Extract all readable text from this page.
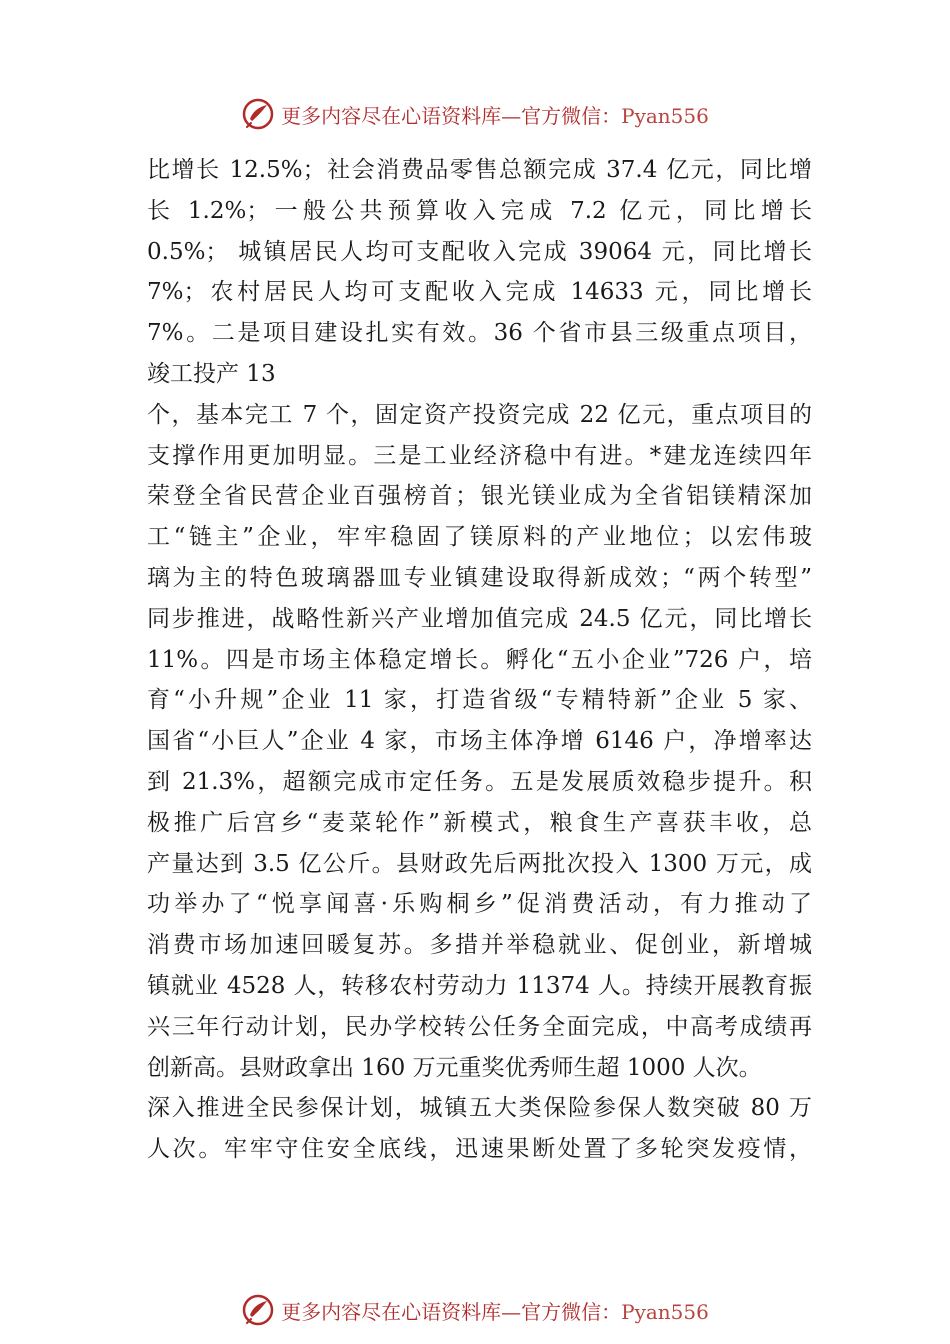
更多内容尽在心语资料库—官方微信：Pyan556
比增长 12.5%；社会消费品零售总额完成 37.4 亿元，同比增
长 1.2%；一般公共预算收入完成 7.2 亿元，同比增长
0.5%； 城镇居民人均可支配收入完成 39064 元，同比增长
7%；农村居民人均可支配收入完成 14633 元，同比增长
7%。二是项目建设扎实有效。36 个省市县三级重点项目，
竣工投产 13
个，基本完工 7 个，固定资产投资完成 22 亿元，重点项目的
支撑作用更加明显。三是工业经济稳中有进。*建龙连续四年
荣登全省民营企业百强榜首；银光镁业成为全省铝镁精深加
工“链主”企业，牢牢稳固了镁原料的产业地位；以宏伟玻
璃为主的特色玻璃器皿专业镇建设取得新成效；“两个转型”
同步推进，战略性新兴产业增加值完成 24.5 亿元，同比增长
11%。四是市场主体稳定增长。孵化“五小企业”726 户，培
育“小升规”企业 11 家，打造省级“专精特新”企业 5 家、
国省“小巨人”企业 4 家，市场主体净增 6146 户，净增率达
到 21.3%，超额完成市定任务。五是发展质效稳步提升。积
极推广后宫乡“麦菜轮作”新模式，粮食生产喜获丰收，总
产量达到 3.5 亿公斤。县财政先后两批次投入 1300 万元，成
功举办了“悦享闻喜·乐购桐乡”促消费活动，有力推动了
消费市场加速回暖复苏。多措并举稳就业、促创业，新增城
镇就业 4528 人，转移农村劳动力 11374 人。持续开展教育振
兴三年行动计划，民办学校转公任务全面完成，中高考成绩再
创新高。县财政拿出 160 万元重奖优秀师生超 1000 人次。
深入推进全民参保计划，城镇五大类保险参保人数突破 80 万
人次。牢牢守住安全底线，迅速果断处置了多轮突发疫情，
更多内容尽在心语资料库—官方微信：Pyan556
